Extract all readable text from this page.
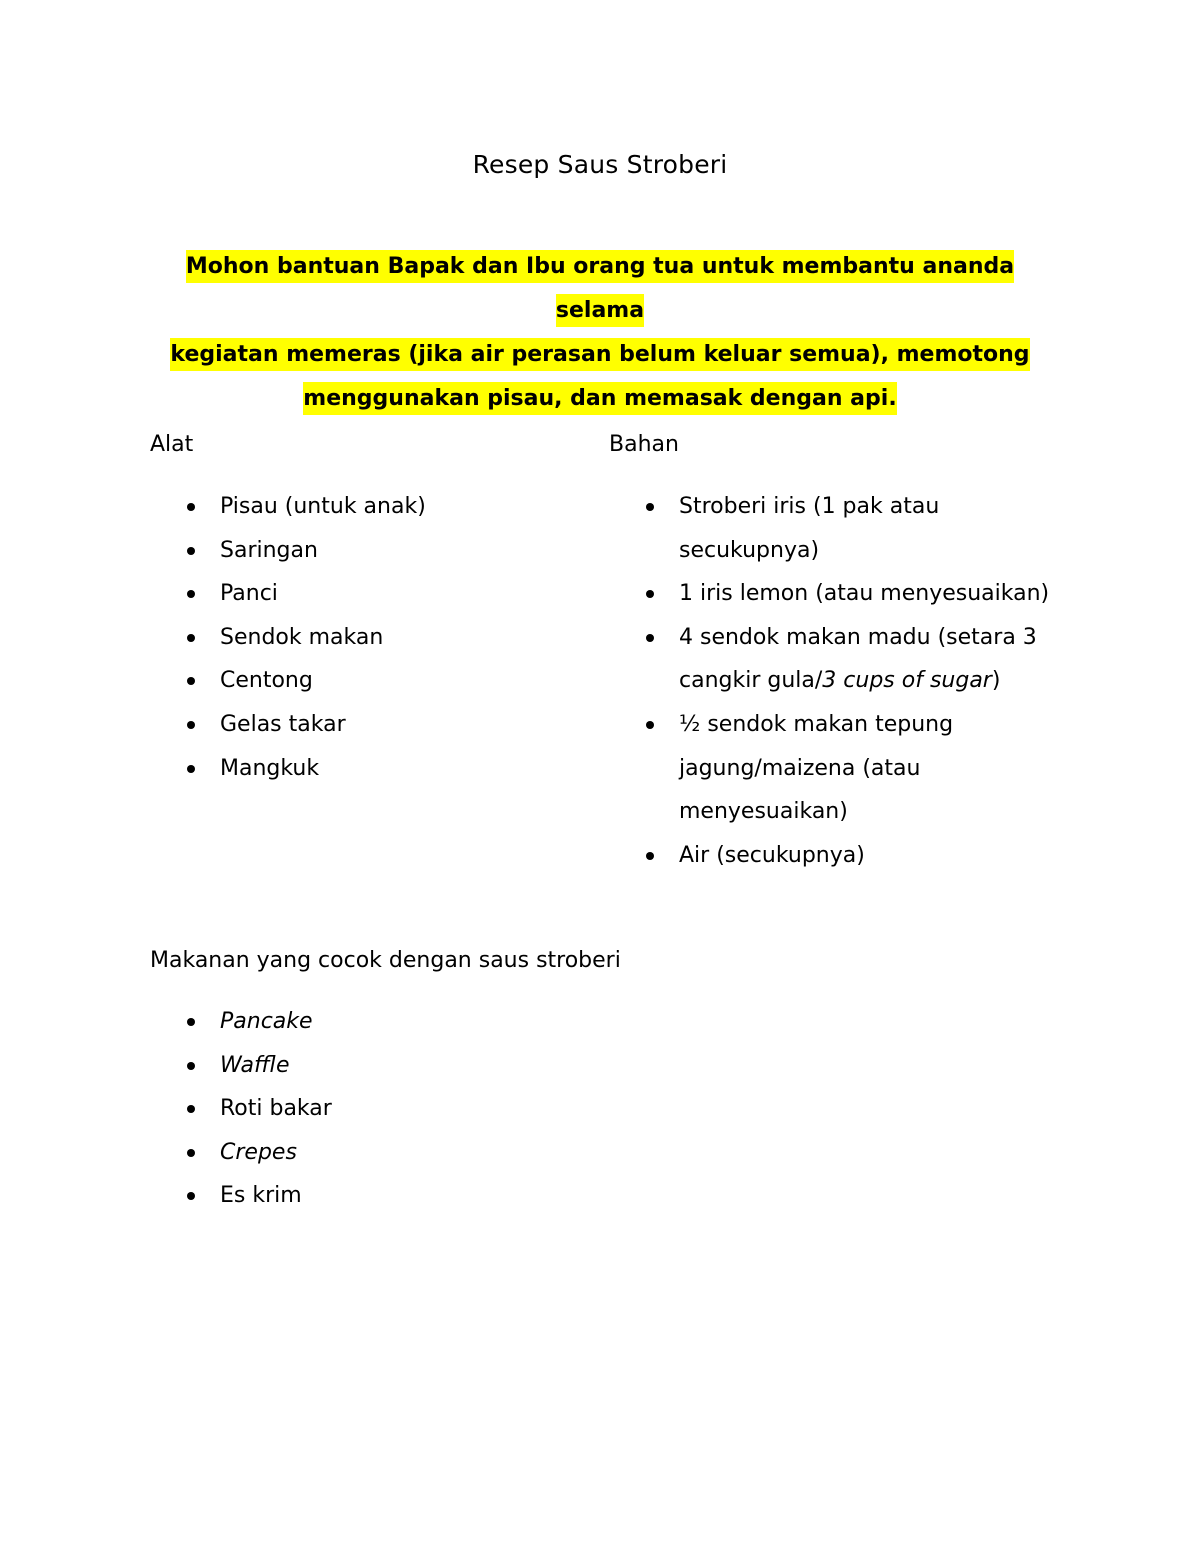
Resep Saus Stroberi
Mohon bantuan Bapak dan Ibu orang tua untuk membantu ananda selama
kegiatan memeras (jika air perasan belum keluar semua), memotong
menggunakan pisau, dan memasak dengan api.
Alat
Pisau (untuk anak)
Saringan
Panci
Sendok makan
Centong
Gelas takar
Mangkuk
Bahan
Stroberi iris (1 pak atau secukupnya)
1 iris lemon (atau menyesuaikan)
4 sendok makan madu (setara 3 cangkir gula/3 cups of sugar)
½ sendok makan tepung jagung/maizena (atau menyesuaikan)
Air (secukupnya)
Makanan yang cocok dengan saus stroberi
Pancake
Waffle
Roti bakar
Crepes
Es krim
